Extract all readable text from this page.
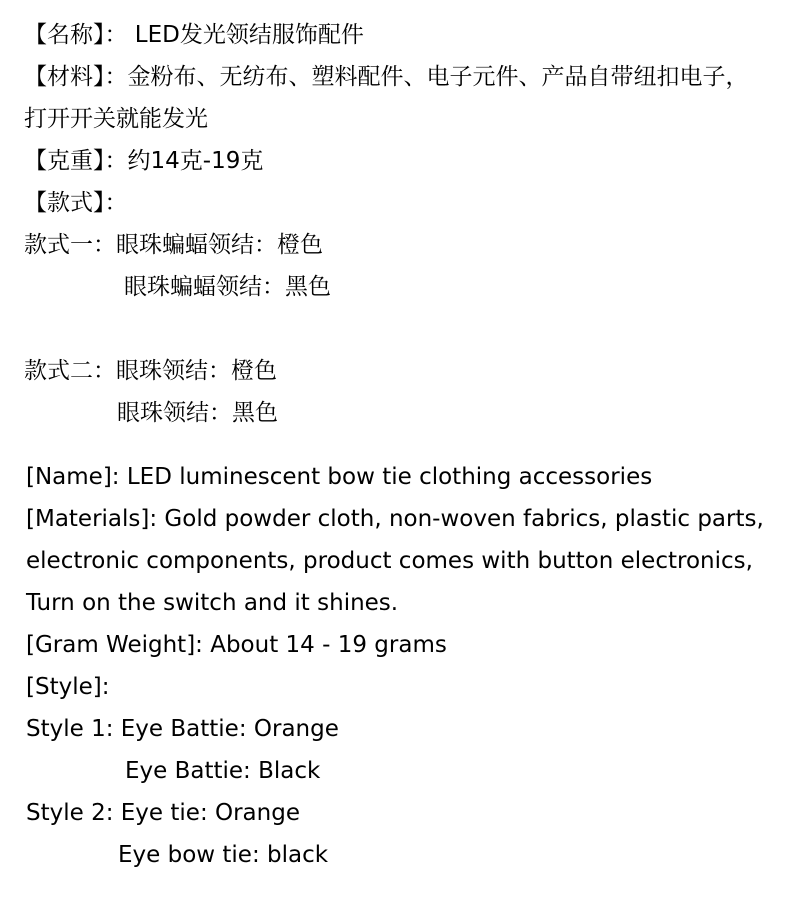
【名称】： LED发光领结服饰配件
【材料】：金粉布、无纺布、塑料配件、电子元件、产品自带纽扣电子，
打开开关就能发光
【克重】：约14克-19克
【款式】：
款式一：眼珠蝙蝠领结：橙色
眼珠蝙蝠领结：黑色
款式二：眼珠领结：橙色
眼珠领结：黑色
[Name]: LED luminescent bow tie clothing accessories
[Materials]: Gold powder cloth, non-woven fabrics, plastic parts,
electronic components, product comes with button electronics,
Turn on the switch and it shines.
[Gram Weight]: About 14 - 19 grams
[Style]:
Style 1: Eye Battie: Orange
Eye Battie: Black
Style 2: Eye tie: Orange
Eye bow tie: black
